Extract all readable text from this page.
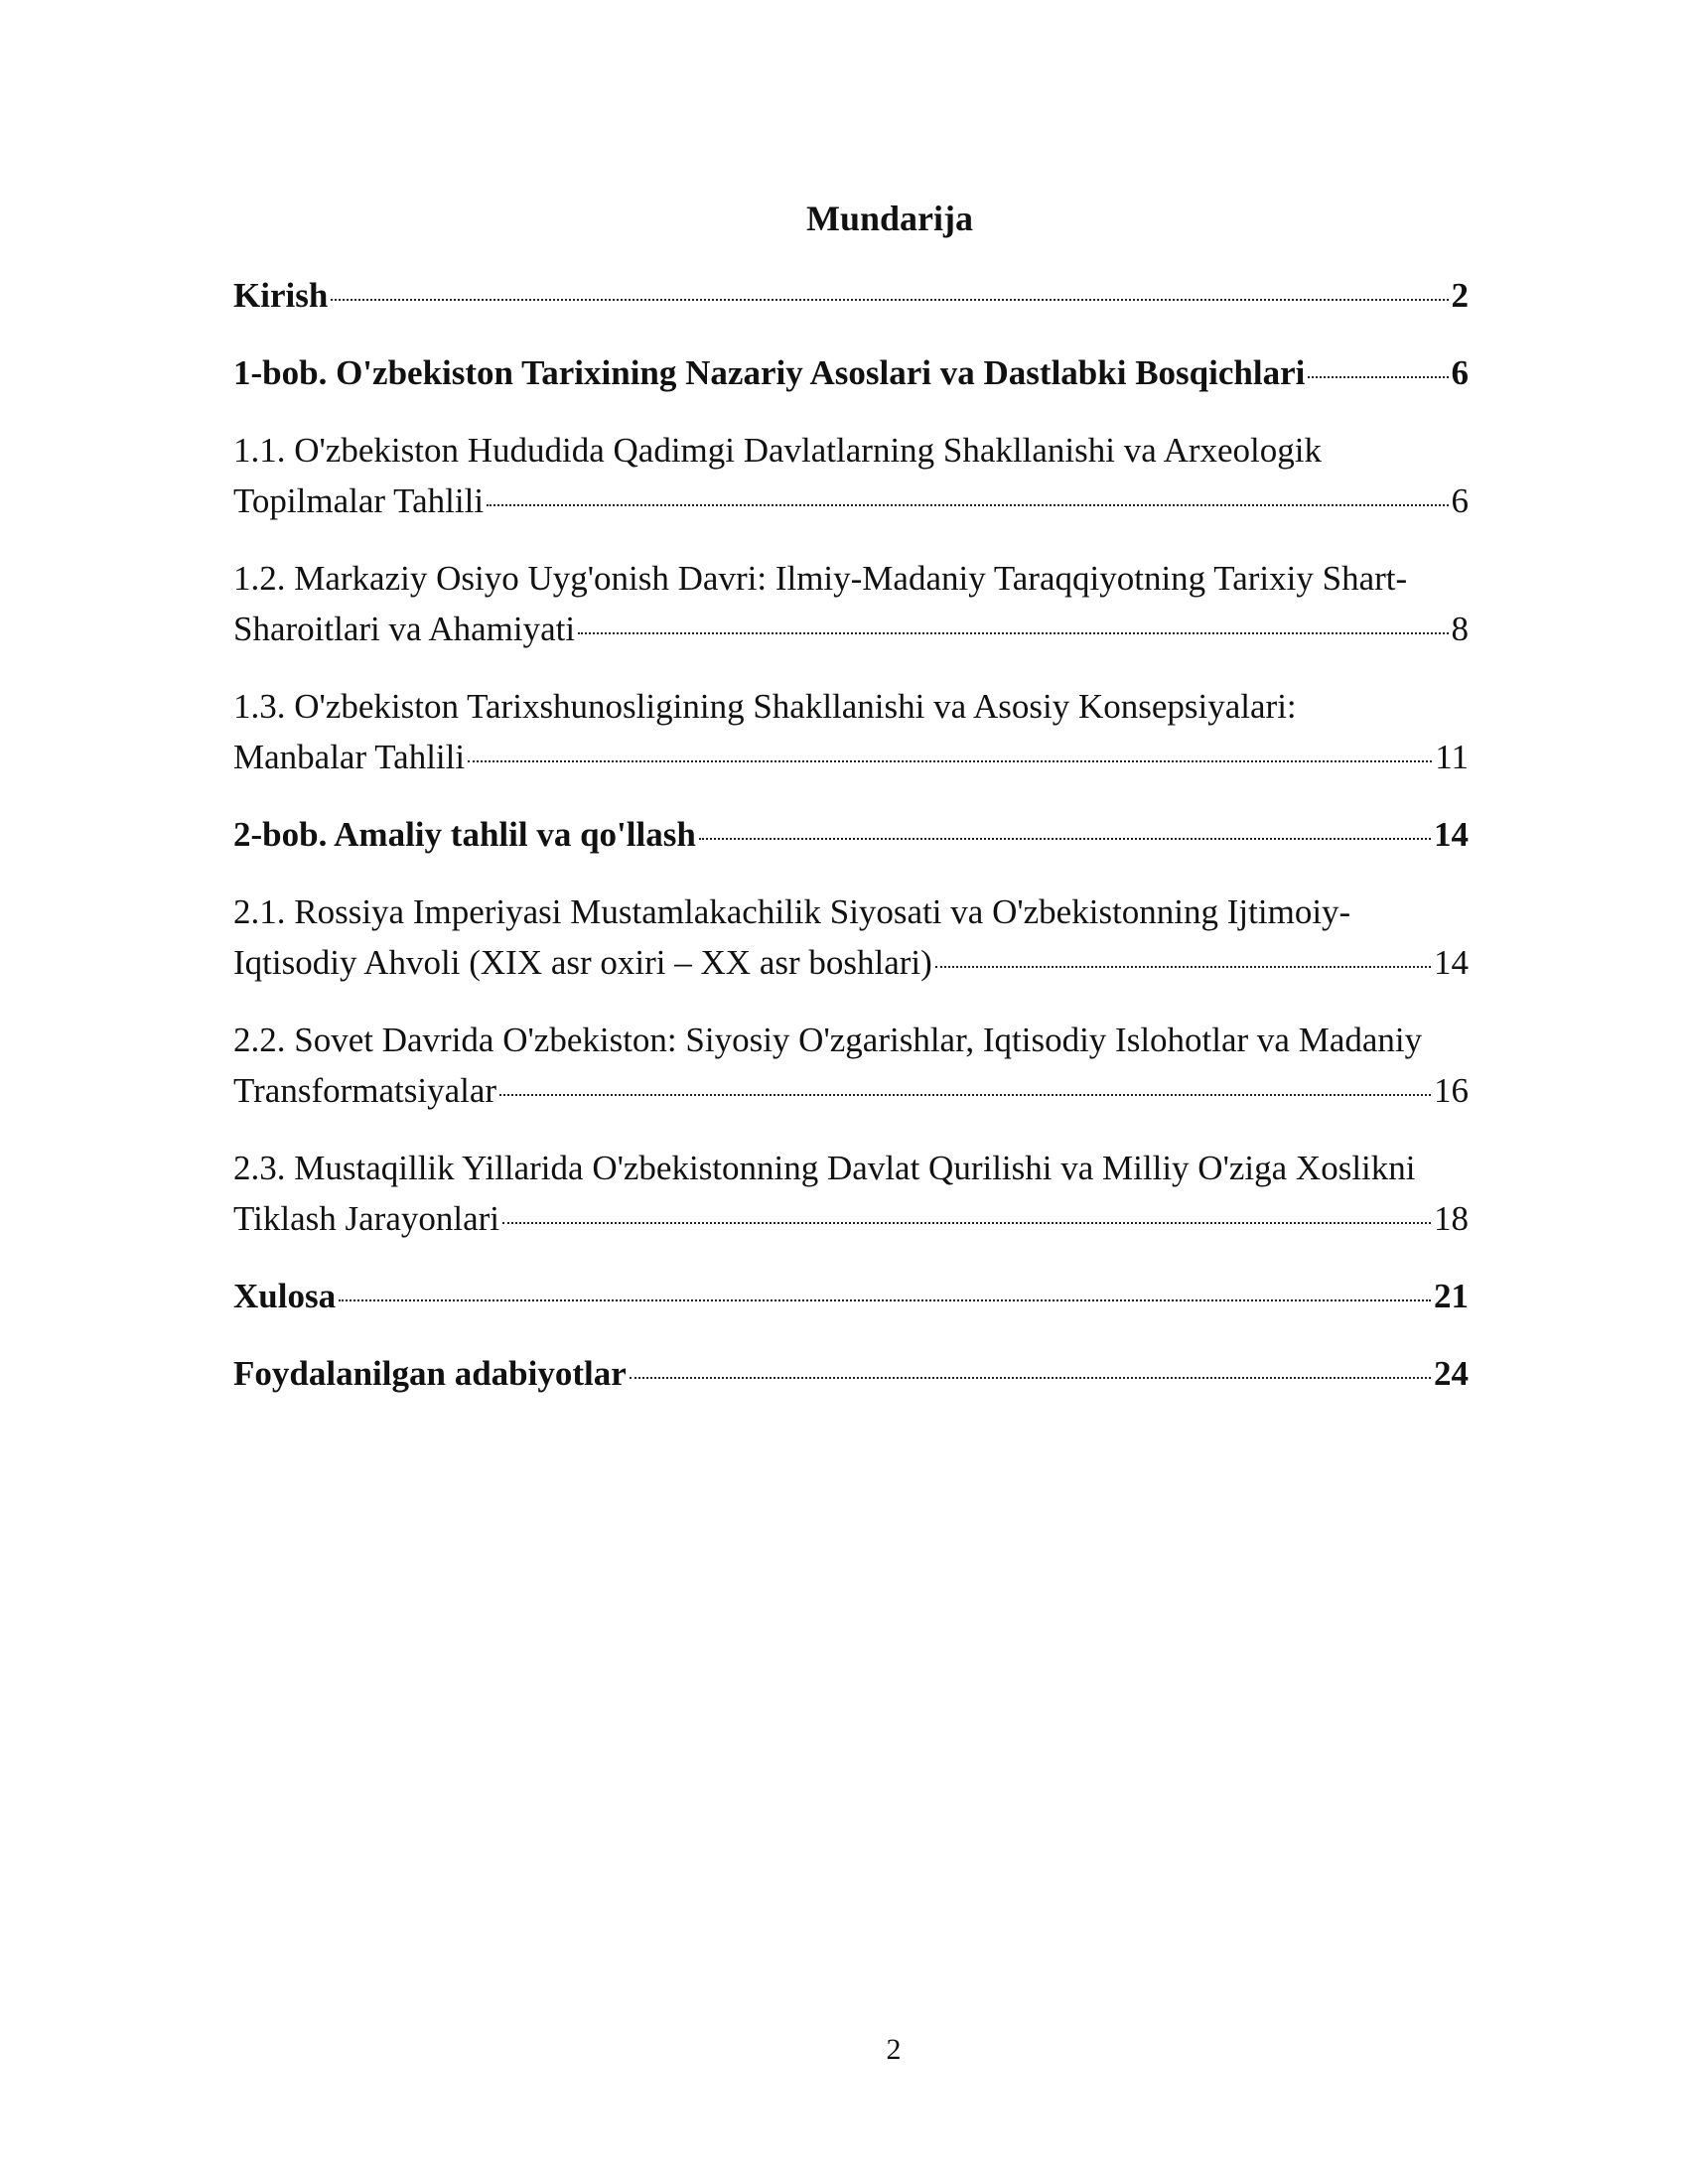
Mundarija
Kirish	2
1-bob. O'zbekiston Tarixining Nazariy Asoslari va Dastlabki Bosqichlari	6
1.1. O'zbekiston Hududida Qadimgi Davlatlarning Shakllanishi va Arxeologik
Topilmalar Tahlili	6
1.2. Markaziy Osiyo Uyg'onish Davri: Ilmiy-Madaniy Taraqqiyotning Tarixiy Shart-
Sharoitlari va Ahamiyati	8
1.3. O'zbekiston Tarixshunosligining Shakllanishi va Asosiy Konsepsiyalari:
Manbalar Tahlili	11
2-bob. Amaliy tahlil va qo'llash	14
2.1. Rossiya Imperiyasi Mustamlakachilik Siyosati va O'zbekistonning Ijtimoiy-
Iqtisodiy Ahvoli (XIX asr oxiri – XX asr boshlari)	14
2.2. Sovet Davrida O'zbekiston: Siyosiy O'zgarishlar, Iqtisodiy Islohotlar va Madaniy
Transformatsiyalar	16
2.3. Mustaqillik Yillarida O'zbekistonning Davlat Qurilishi va Milliy O'ziga Xoslikni
Tiklash Jarayonlari	18
Xulosa	21
Foydalanilgan adabiyotlar	24
2
